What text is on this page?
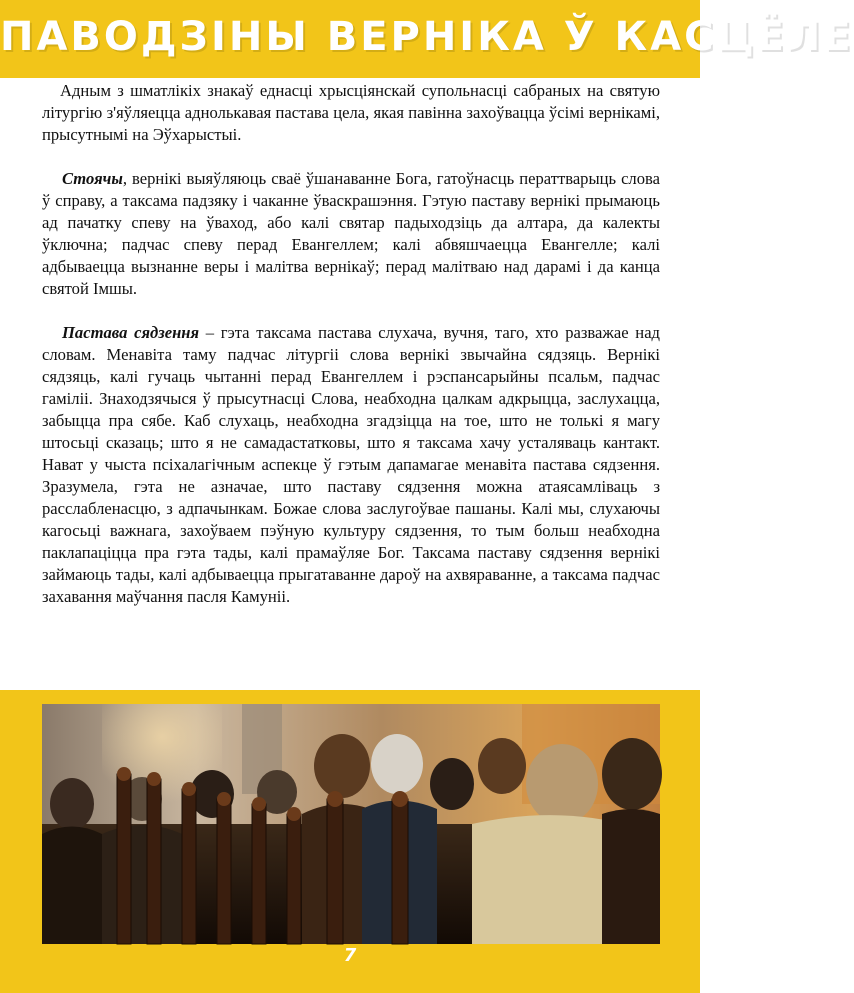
ПАВОДЗІНЫ ВЕРНІКА Ў КАСЦЁЛЕ

Адным з шматлікіх знакаў еднасці хрысціянскай супольнасці сабраных на святую літургію з'яўляецца аднолькавая пастава цела, якая павінна захоўвацца ўсімі вернікамі, прысутнымі на Эўхарыстыі.

Стоячы, вернікі выяўляюць сваё ўшанаванне Бога, гатоўнасць ператтварыць слова ў справу, а таксама падзяку і чаканне ўваскрашэння. Гэтую паставу вернікі прымаюць ад пачатку спеву на ўваход, або калі святар падыходзіць да алтара, да калекты ўключна; падчас спеву перад Евангеллем; калі абвяшчаецца Евангелле; калі адбываецца вызнанне веры і малітва вернікаў; перад малітваю над дарамі і да канца святой Імшы.

Пастава сядзення – гэта таксама пастава слухача, вучня, таго, хто разважае над словам. Менавіта таму падчас літургіі слова вернікі звычайна сядзяць. Вернікі сядзяць, калі гучаць чытанні перад Евангеллем і рэспансарыйны псальм, падчас гаміліі. Знаходзячыся ў прысутнасці Слова, неабходна цалкам адкрыцца, заслухацца, забыцца пра сябе. Каб слухаць, неабходна згадзіцца на тое, што не толькі я магу штосьці сказаць; што я не самадастатковы, што я таксама хачу усталяваць кантакт. Нават у чыста псіхалагічным аспекце ў гэтым дапамагае менавіта пастава сядзення. Зразумела, гэта не азначае, што паставу сядзення можна атаясамліваць з расслабленасцю, з адпачынкам. Божае слова заслугоўвае пашаны. Калі мы, слухаючы кагосьці важнага, захоўваем пэўную культуру сядзення, то тым больш неабходна паклапаціцца пра гэта тады, калі прамаўляе Бог. Таксама паставу сядзення вернікі займаюць тады, калі адбываецца прыгатаванне дароў на ахвяраванне, а таксама падчас захавання маўчання пасля Камуніі.

7
